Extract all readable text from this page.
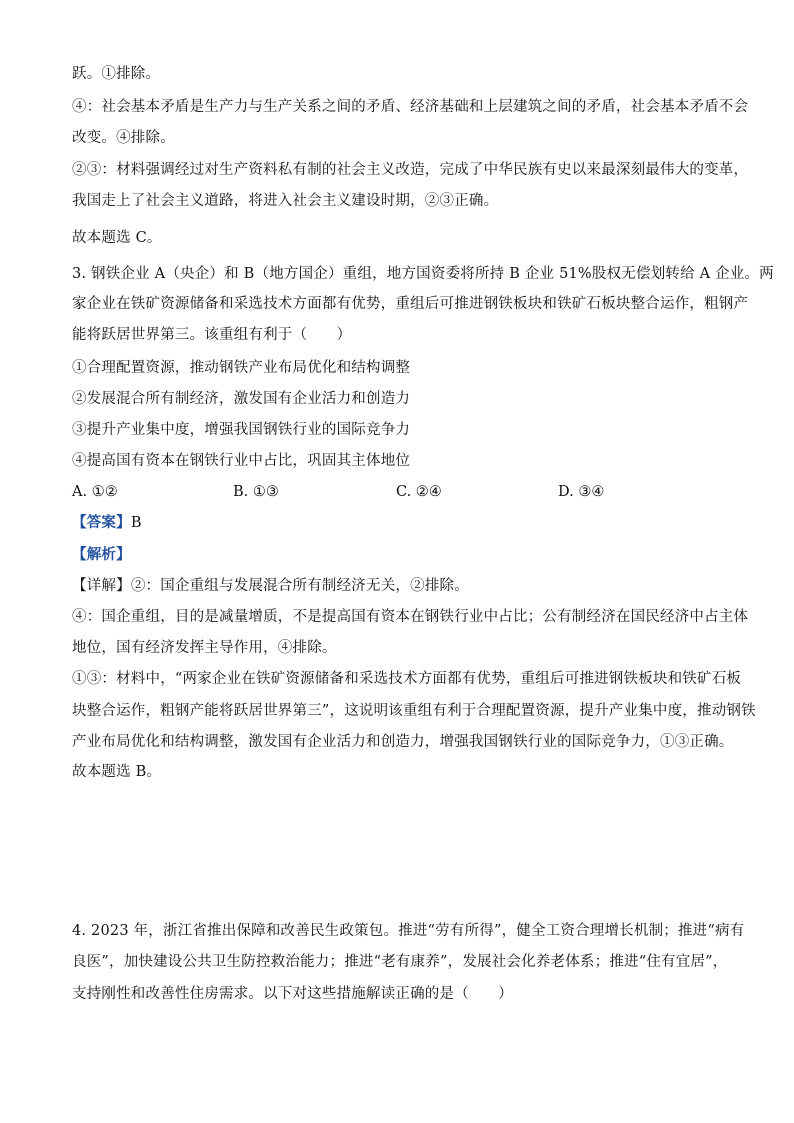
跃。①排除。
④：社会基本矛盾是生产力与生产关系之间的矛盾、经济基础和上层建筑之间的矛盾，社会基本矛盾不会
改变。④排除。
②③：材料强调经过对生产资料私有制的社会主义改造，完成了中华民族有史以来最深刻最伟大的变革，
我国走上了社会主义道路，将进入社会主义建设时期，②③正确。
故本题选 C。
3. 钢铁企业 A（央企）和 B（地方国企）重组，地方国资委将所持 B 企业 51%股权无偿划转给 A 企业。两
家企业在铁矿资源储备和采选技术方面都有优势，重组后可推进钢铁板块和铁矿石板块整合运作，粗钢产
能将跃居世界第三。该重组有利于（　　）
①合理配置资源，推动钢铁产业布局优化和结构调整
②发展混合所有制经济，激发国有企业活力和创造力
③提升产业集中度，增强我国钢铁行业的国际竞争力
④提高国有资本在钢铁行业中占比，巩固其主体地位
A. ①②	B. ①③	C. ②④	D. ③④
【答案】B
【解析】
【详解】②：国企重组与发展混合所有制经济无关，②排除。
④：国企重组，目的是减量增质，不是提高国有资本在钢铁行业中占比；公有制经济在国民经济中占主体
地位，国有经济发挥主导作用，④排除。
①③：材料中，“两家企业在铁矿资源储备和采选技术方面都有优势，重组后可推进钢铁板块和铁矿石板
块整合运作，粗钢产能将跃居世界第三”，这说明该重组有利于合理配置资源，提升产业集中度，推动钢铁
产业布局优化和结构调整，激发国有企业活力和创造力，增强我国钢铁行业的国际竞争力，①③正确。
故本题选 B。
4. 2023 年，浙江省推出保障和改善民生政策包。推进“劳有所得”，健全工资合理增长机制；推进“病有
良医”，加快建设公共卫生防控救治能力；推进“老有康养”，发展社会化养老体系；推进“住有宜居”，
支持刚性和改善性住房需求。以下对这些措施解读正确的是（　　）
